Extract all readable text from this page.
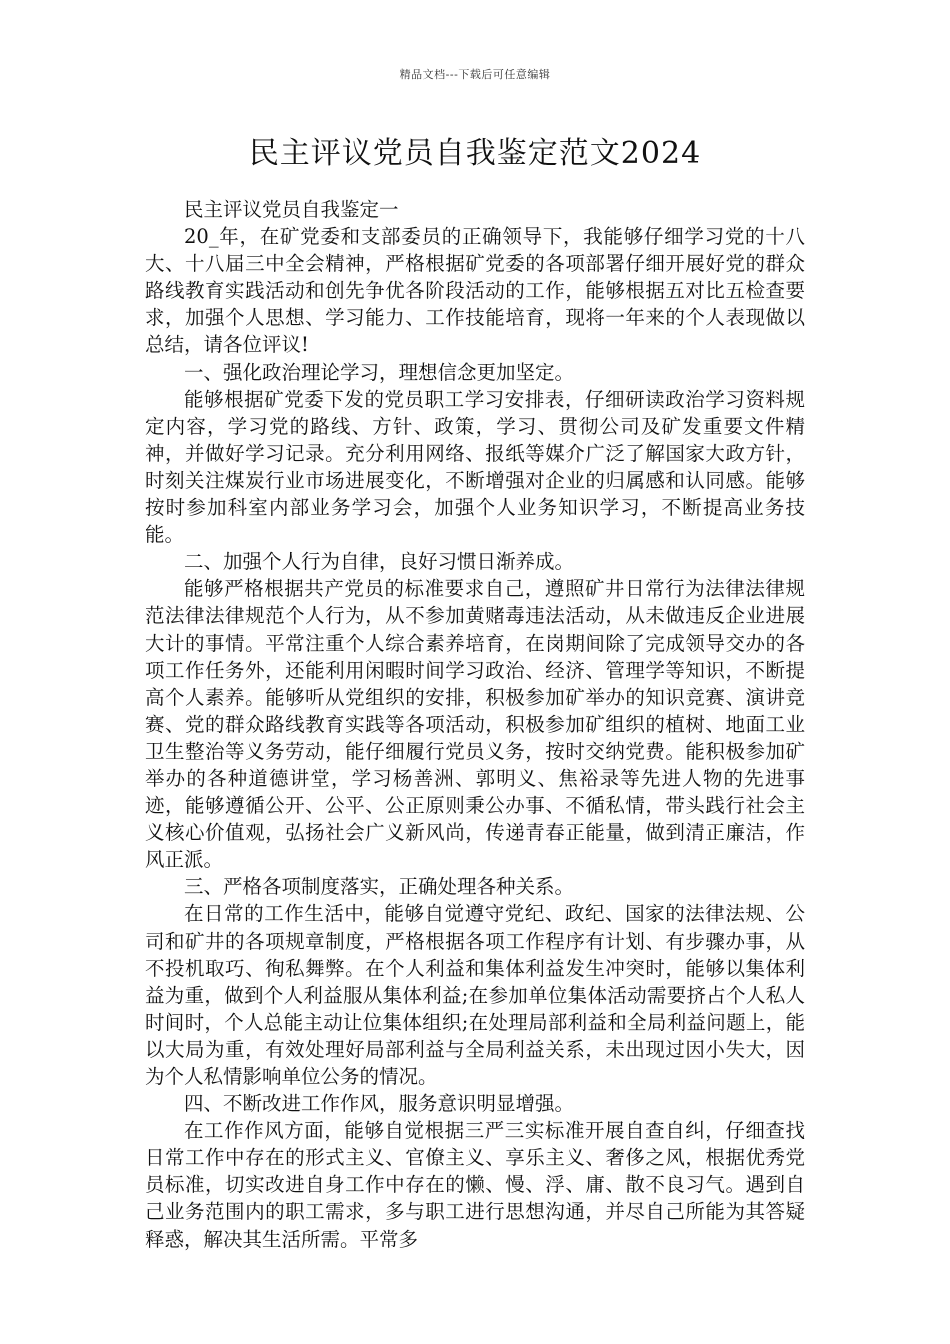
精品文档---下载后可任意编辑
民主评议党员自我鉴定范文2024

民主评议党员自我鉴定一

20_年，在矿党委和支部委员的正确领导下，我能够仔细学习党的十八大、十八届三中全会精神，严格根据矿党委的各项部署仔细开展好党的群众路线教育实践活动和创先争优各阶段活动的工作，能够根据五对比五检查要求，加强个人思想、学习能力、工作技能培育，现将一年来的个人表现做以总结，请各位评议!

一、强化政治理论学习，理想信念更加坚定。

能够根据矿党委下发的党员职工学习安排表，仔细研读政治学习资料规定内容，学习党的路线、方针、政策，学习、贯彻公司及矿发重要文件精神，并做好学习记录。充分利用网络、报纸等媒介广泛了解国家大政方针，时刻关注煤炭行业市场进展变化，不断增强对企业的归属感和认同感。能够按时参加科室内部业务学习会，加强个人业务知识学习，不断提高业务技能。

二、加强个人行为自律，良好习惯日渐养成。

能够严格根据共产党员的标准要求自己，遵照矿井日常行为法律法律规范法律法律规范个人行为，从不参加黄赌毒违法活动，从未做违反企业进展大计的事情。平常注重个人综合素养培育，在岗期间除了完成领导交办的各项工作任务外，还能利用闲暇时间学习政治、经济、管理学等知识，不断提高个人素养。能够听从党组织的安排，积极参加矿举办的知识竞赛、演讲竞赛、党的群众路线教育实践等各项活动，积极参加矿组织的植树、地面工业卫生整治等义务劳动，能仔细履行党员义务，按时交纳党费。能积极参加矿举办的各种道德讲堂，学习杨善洲、郭明义、焦裕录等先进人物的先进事迹，能够遵循公开、公平、公正原则秉公办事、不循私情，带头践行社会主义核心价值观，弘扬社会广义新风尚，传递青春正能量，做到清正廉洁，作风正派。

三、严格各项制度落实，正确处理各种关系。

在日常的工作生活中，能够自觉遵守党纪、政纪、国家的法律法规、公司和矿井的各项规章制度，严格根据各项工作程序有计划、有步骤办事，从不投机取巧、徇私舞弊。在个人利益和集体利益发生冲突时，能够以集体利益为重，做到个人利益服从集体利益;在参加单位集体活动需要挤占个人私人时间时，个人总能主动让位集体组织;在处理局部利益和全局利益问题上，能以大局为重，有效处理好局部利益与全局利益关系，未出现过因小失大，因为个人私情影响单位公务的情况。

四、不断改进工作作风，服务意识明显增强。

在工作作风方面，能够自觉根据三严三实标准开展自查自纠，仔细查找日常工作中存在的形式主义、官僚主义、享乐主义、奢侈之风，根据优秀党员标准，切实改进自身工作中存在的懒、慢、浮、庸、散不良习气。遇到自己业务范围内的职工需求，多与职工进行思想沟通，并尽自己所能为其答疑释惑，解决其生活所需。平常多
